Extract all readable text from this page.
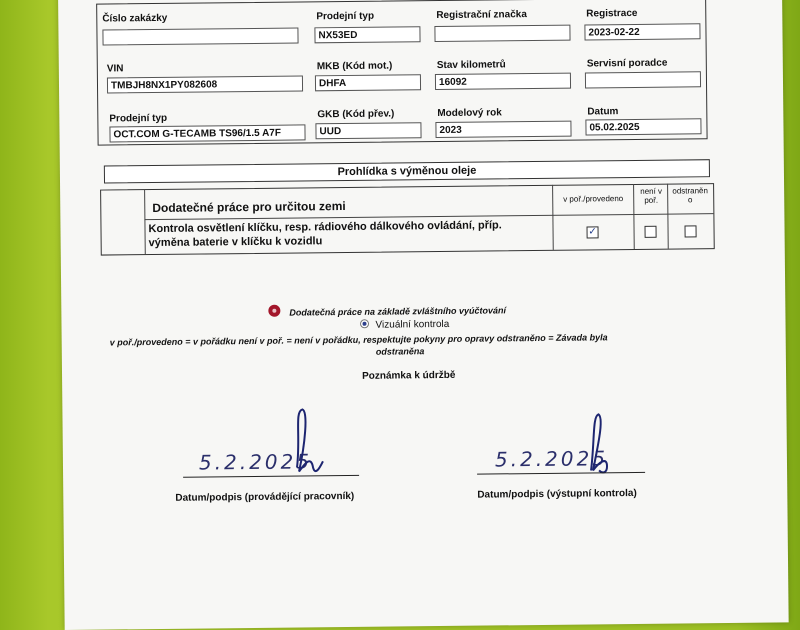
Číslo zakázky	Prodejní typ
NX53ED
Registrační značka	Registrace
2023-02-22
VIN
TMBJH8NX1PY082608
MKB (Kód mot.)
DHFA
Stav kilometrů
16092
Servisní poradce
Prodejní typ
OCT.COM G-TECAMB TS96/1.5 A7F
GKB (Kód přev.)
UUD
Modelový rok
2023
Datum
05.02.2025
Prohlídka s výměnou oleje
Dodatečné práce pro určitou zemi
v poř./provedeno
není v poř.
odstraněn o
Kontrola osvětlení klíčku, resp. rádiového dálkového ovládání, příp.
výměna baterie v klíčku k vozidlu
✓
Dodatečná práce na základě zvláštního vyúčtování
Vizuální kontrola
v poř./provedeno = v pořádku není v poř. = není v pořádku, respektujte pokyny pro opravy odstraněno = Závada byla
odstraněna
Poznámka k údržbě
5.2.2025
Datum/podpis (provádějící pracovník)
5.2.2025
Datum/podpis (výstupní kontrola)
